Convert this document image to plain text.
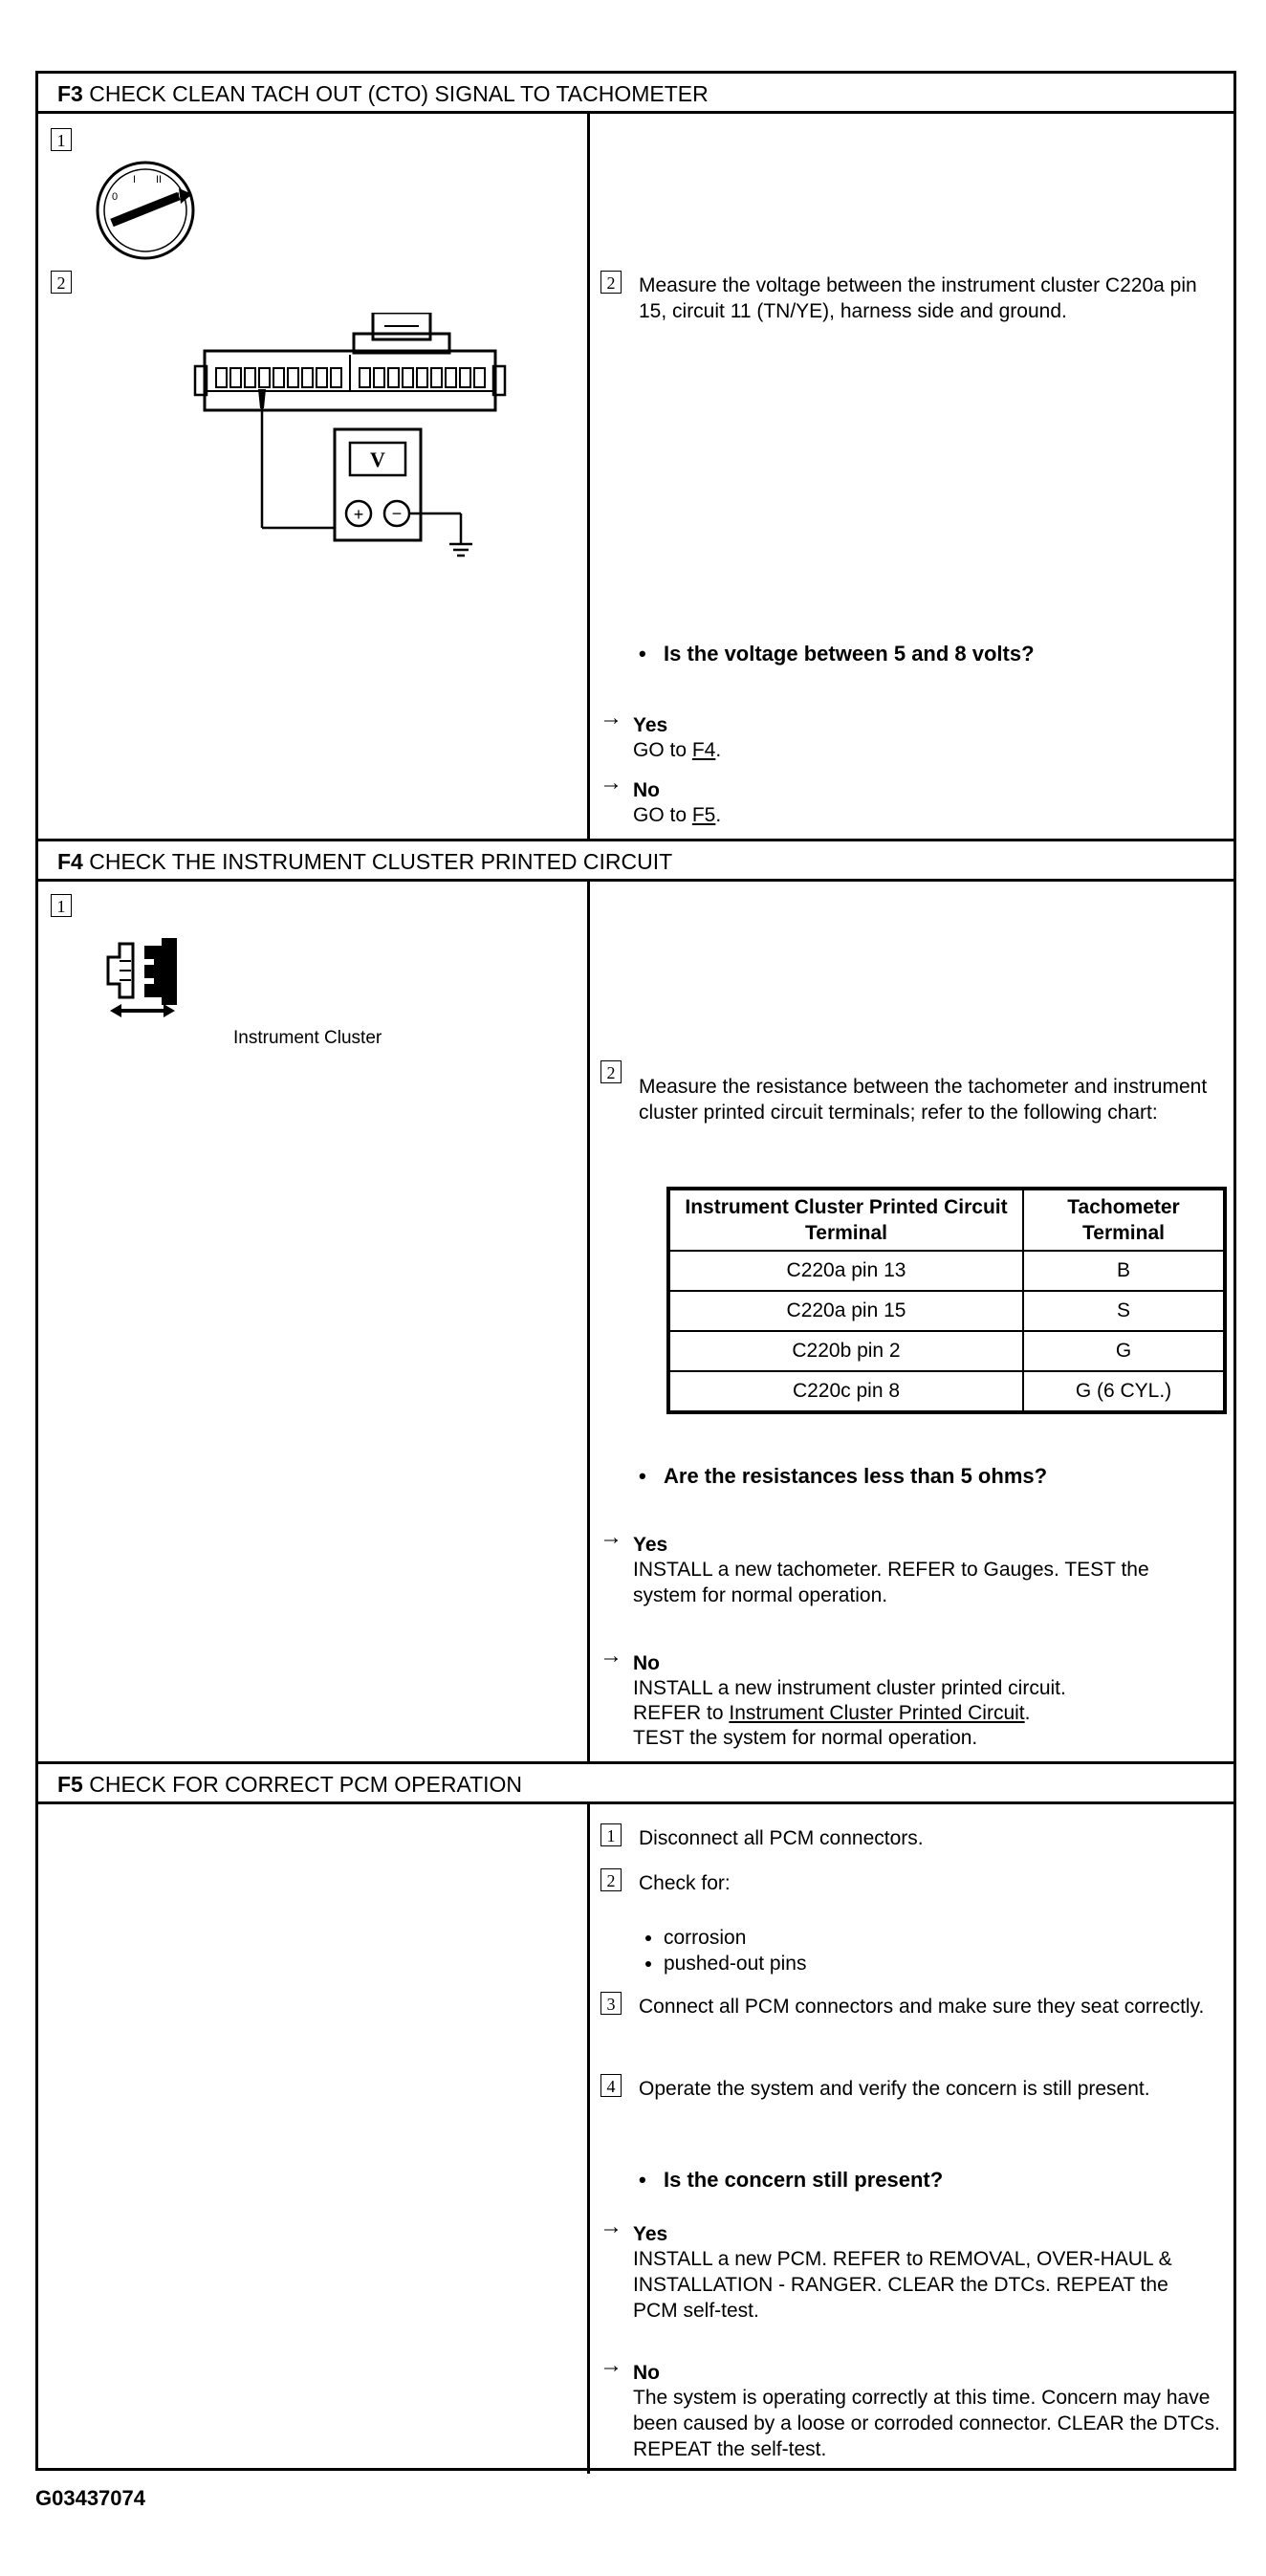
F3 CHECK CLEAN TACH OUT (CTO) SIGNAL TO TACHOMETER
1
0
I II
III
2
V
+ −
2	Measure the voltage between the instrument cluster C220a pin 15, circuit 11 (TN/YE), harness side and ground.
• Is the voltage between 5 and 8 volts?
→ Yes
GO to F4.
→ No
GO to F5.
F4 CHECK THE INSTRUMENT CLUSTER PRINTED CIRCUIT
1
Instrument Cluster
2
Measure the resistance between the tachometer and instrument cluster printed circuit terminals; refer to the following chart:
Instrument Cluster Printed Circuit Terminal	Tachometer Terminal
C220a pin 13	B
C220a pin 15	S
C220b pin 2	G
C220c pin 8	G (6 CYL.)
• Are the resistances less than 5 ohms?
→ Yes
INSTALL a new tachometer. REFER to Gauges. TEST the system for normal operation.
→ No
INSTALL a new instrument cluster printed circuit.
REFER to Instrument Cluster Printed Circuit.
TEST the system for normal operation.
F5 CHECK FOR CORRECT PCM OPERATION
1	Disconnect all PCM connectors.
2	Check for:
• corrosion
• pushed-out pins
3	Connect all PCM connectors and make sure they seat correctly.
4	Operate the system and verify the concern is still present.
• Is the concern still present?
→ Yes
INSTALL a new PCM. REFER to REMOVAL, OVER-HAUL & INSTALLATION - RANGER. CLEAR the DTCs. REPEAT the PCM self-test.
→ No
The system is operating correctly at this time. Concern may have been caused by a loose or corroded connector. CLEAR the DTCs. REPEAT the self-test.
G03437074
